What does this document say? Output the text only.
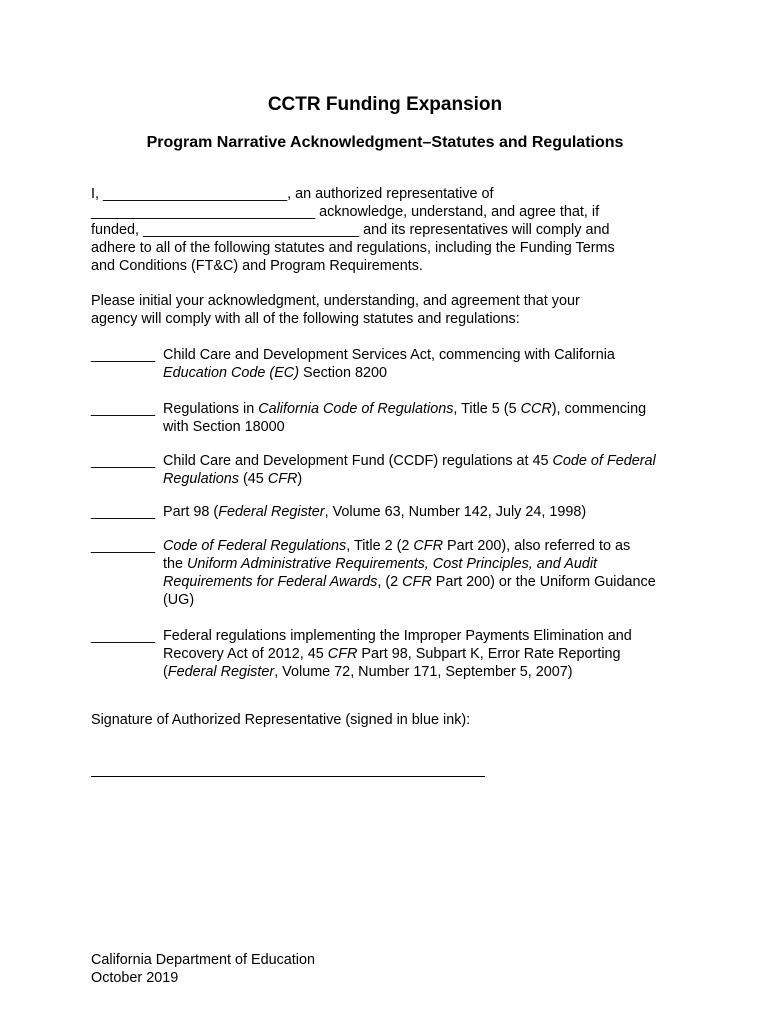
CCTR Funding Expansion
Program Narrative Acknowledgment–Statutes and Regulations
I, _______________________, an authorized representative of
____________________________ acknowledge, understand, and agree that, if
funded, ___________________________ and its representatives will comply and
adhere to all of the following statutes and regulations, including the Funding Terms
and Conditions (FT&C) and Program Requirements.
Please initial your acknowledgment, understanding, and agreement that your
agency will comply with all of the following statutes and regulations:
________ Child Care and Development Services Act, commencing with California
Education Code (EC) Section 8200
________ Regulations in California Code of Regulations, Title 5 (5 CCR), commencing
with Section 18000
________ Child Care and Development Fund (CCDF) regulations at 45 Code of Federal
Regulations (45 CFR)
________ Part 98 (Federal Register, Volume 63, Number 142, July 24, 1998)
________ Code of Federal Regulations, Title 2 (2 CFR Part 200), also referred to as
the Uniform Administrative Requirements, Cost Principles, and Audit
Requirements for Federal Awards, (2 CFR Part 200) or the Uniform Guidance
(UG)
________ Federal regulations implementing the Improper Payments Elimination and
Recovery Act of 2012, 45 CFR Part 98, Subpart K, Error Rate Reporting
(Federal Register, Volume 72, Number 171, September 5, 2007)
Signature of Authorized Representative (signed in blue ink):
California Department of Education
October 2019
